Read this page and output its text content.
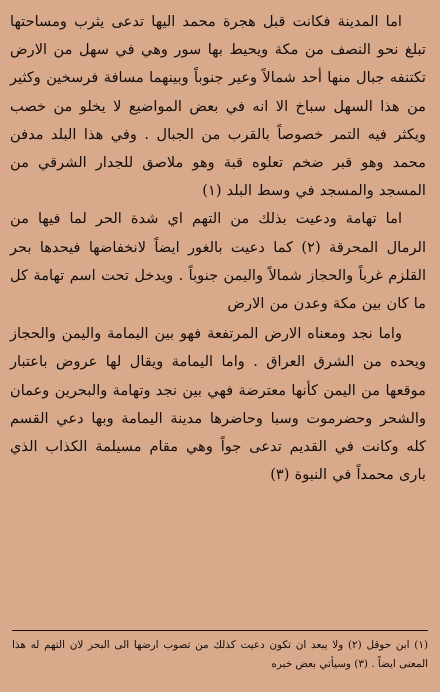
اما المدينة فكانت قبل هجرة محمد اليها تدعى يثرب ومساحتها تبلغ نحو النصف من مكة ويحيط بها سور وهي في سهل من الارض تكتنفه جبال منها أحد شمالاً وعير جنوباً وبينهما مسافة فرسخين وكثير من هذا السهل سباخ الا انه في بعض المواضيع لا يخلو من خصب ويكثر فيه التمر خصوصاً بالقرب من الجبال . وفي هذا البلد مدفن محمد وهو قبر ضخم تعلوه قبة وهو ملاصق للجدار الشرقي من المسجد والمسجد في وسط البلد (١)

اما تهامة ودعيت بذلك من التهم اي شدة الحر لما فيها من الرمال المحرقة (٢) كما دعيت بالغور ايضاً لانخفاضها فيحدها بحر القلزم غرباً والحجاز شمالاً واليمن جنوباً . ويدخل تحت اسم تهامة كل ما كان بين مكة وعدن من الارض

واما نجد ومعناه الارض المرتفعة فهو بين اليمامة واليمن والحجاز ويحده من الشرق العراق . واما اليمامة ويقال لها عروض باعتبار موقعها من اليمن كأنها معترضة فهي بين نجد وتهامة والبحرين وعمان والشحر وحضرموت وسبا وحاضرها مدينة اليمامة وبها دعي القسم كله وكانت في القديم تدعى جواً وهي مقام مسيلمة الكذاب الذي بارى محمداً في النبوة (٣)

(١) ابن حوقل (٢) ولا يبعد ان تكون دعيت كذلك من تصوب ارضها الى البحر لان التهم له هذا المعنى ايضاً . (٣) وسيأتي بعض خبره
